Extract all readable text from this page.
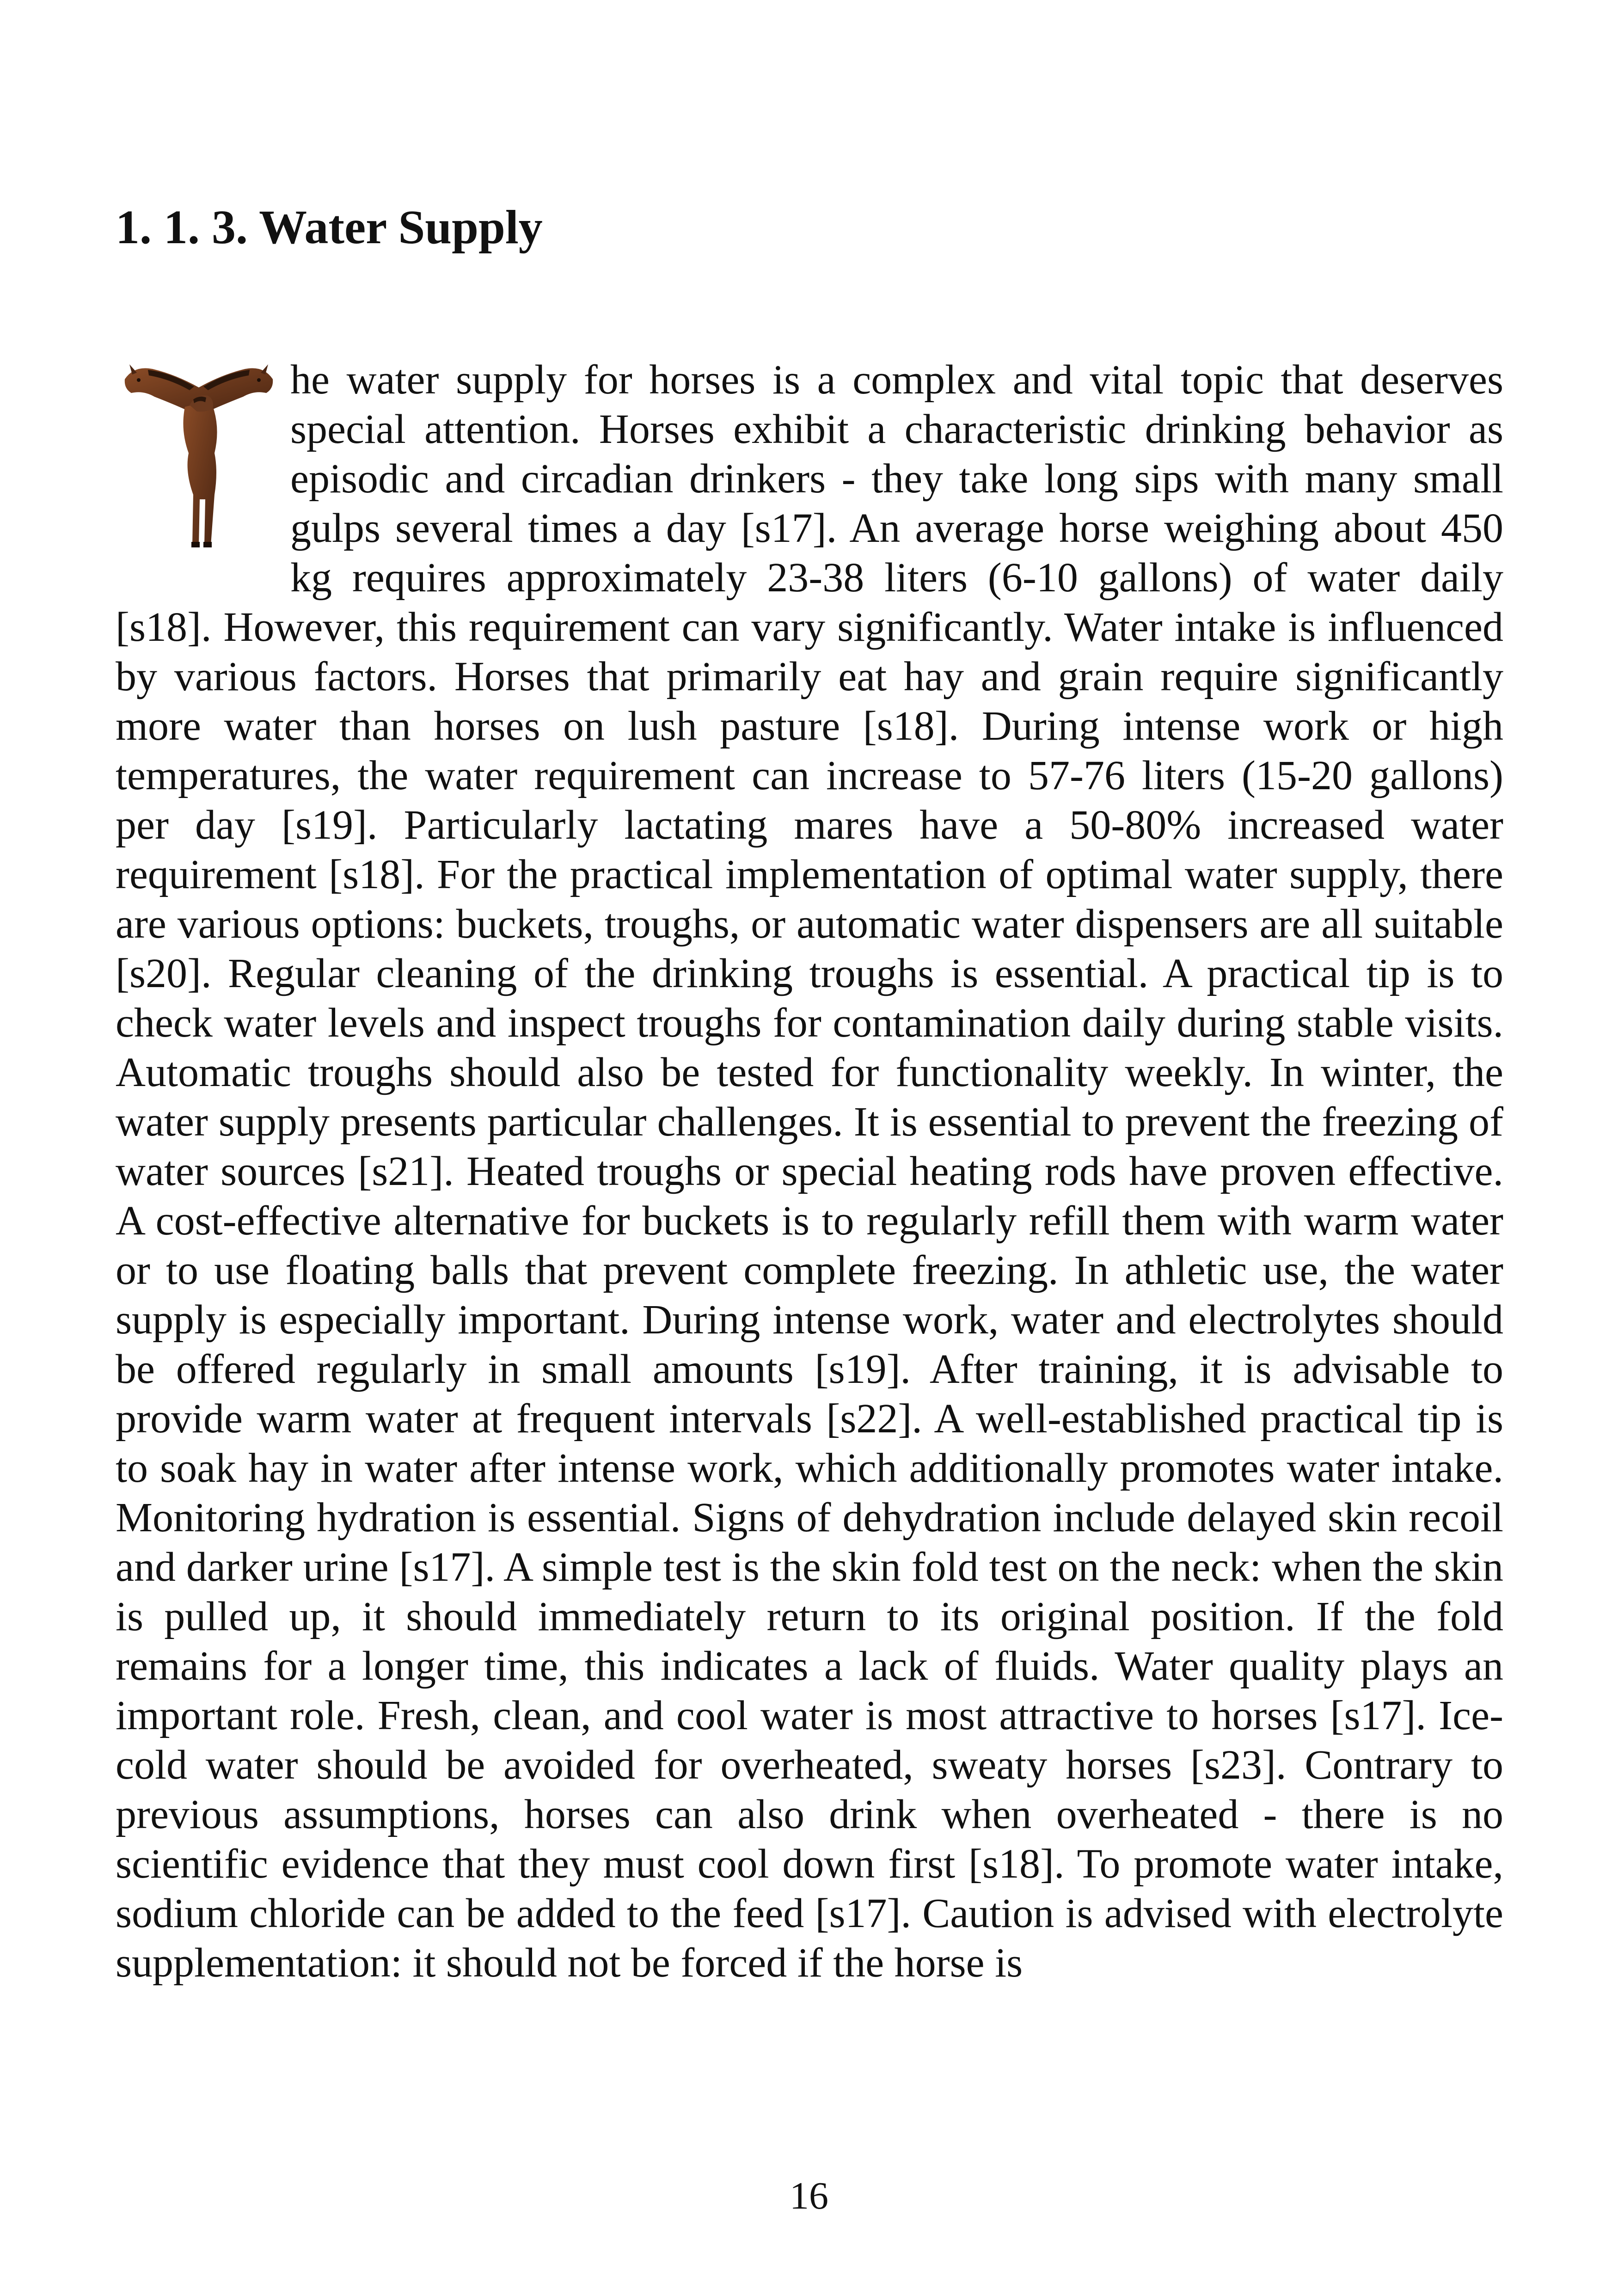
1. 1. 3. Water Supply

he water supply for horses is a complex and vital topic that deserves special attention. Horses exhibit a characteristic drinking behavior as episodic and circadian drinkers - they take long sips with many small gulps several times a day [s17]. An average horse weighing about 450 kg requires approximately 23-38 liters (6-10 gallons) of water daily [s18]. However, this requirement can vary significantly. Water intake is influenced by various factors. Horses that primarily eat hay and grain require significantly more water than horses on lush pasture [s18]. During intense work or high temperatures, the water requirement can increase to 57-76 liters (15-20 gallons) per day [s19]. Particularly lactating mares have a 50-80% increased water requirement [s18]. For the practical implementation of optimal water supply, there are various options: buckets, troughs, or automatic water dispensers are all suitable [s20]. Regular cleaning of the drinking troughs is essential. A practical tip is to check water levels and inspect troughs for contamination daily during stable visits. Automatic troughs should also be tested for functionality weekly. In winter, the water supply presents particular challenges. It is essential to prevent the freezing of water sources [s21]. Heated troughs or special heating rods have proven effective. A cost-effective alternative for buckets is to regularly refill them with warm water or to use floating balls that prevent complete freezing. In athletic use, the water supply is especially important. During intense work, water and electrolytes should be offered regularly in small amounts [s19]. After training, it is advisable to provide warm water at frequent intervals [s22]. A well-established practical tip is to soak hay in water after intense work, which additionally promotes water intake. Monitoring hydration is essential. Signs of dehydration include delayed skin recoil and darker urine [s17]. A simple test is the skin fold test on the neck: when the skin is pulled up, it should immediately return to its original position. If the fold remains for a longer time, this indicates a lack of fluids. Water quality plays an important role. Fresh, clean, and cool water is most attractive to horses [s17]. Ice-cold water should be avoided for overheated, sweaty horses [s23]. Contrary to previous assumptions, horses can also drink when overheated - there is no scientific evidence that they must cool down first [s18]. To promote water intake, sodium chloride can be added to the feed [s17]. Caution is advised with electrolyte supplementation: it should not be forced if the horse is

16
